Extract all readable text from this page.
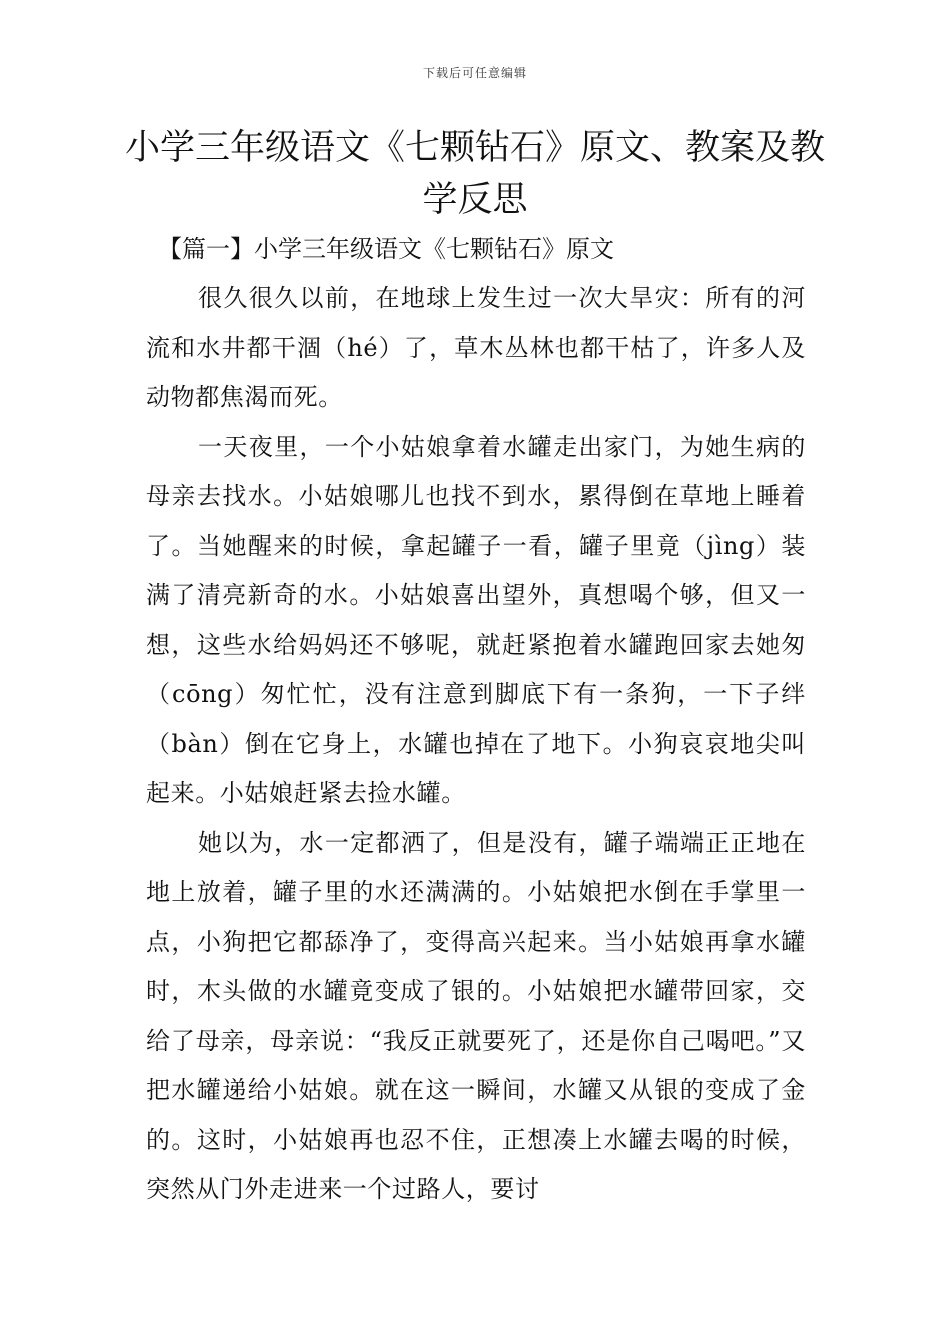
下载后可任意编辑
小学三年级语文《七颗钻石》原文、教案及教学反思
【篇一】小学三年级语文《七颗钻石》原文

很久很久以前，在地球上发生过一次大旱灾：所有的河流和水井都干涸（hé）了，草木丛林也都干枯了，许多人及动物都焦渴而死。

一天夜里，一个小姑娘拿着水罐走出家门，为她生病的母亲去找水。小姑娘哪儿也找不到水，累得倒在草地上睡着了。当她醒来的时候，拿起罐子一看，罐子里竟（jìng）装满了清亮新奇的水。小姑娘喜出望外，真想喝个够，但又一想，这些水给妈妈还不够呢，就赶紧抱着水罐跑回家去她匆（cōng）匆忙忙，没有注意到脚底下有一条狗，一下子绊（bàn）倒在它身上，水罐也掉在了地下。小狗哀哀地尖叫起来。小姑娘赶紧去捡水罐。

她以为，水一定都洒了，但是没有，罐子端端正正地在地上放着，罐子里的水还满满的。小姑娘把水倒在手掌里一点，小狗把它都舔净了，变得高兴起来。当小姑娘再拿水罐时，木头做的水罐竟变成了银的。小姑娘把水罐带回家，交给了母亲，母亲说：“我反正就要死了，还是你自己喝吧。”又把水罐递给小姑娘。就在这一瞬间，水罐又从银的变成了金的。这时，小姑娘再也忍不住，正想凑上水罐去喝的时候，突然从门外走进来一个过路人，要讨
